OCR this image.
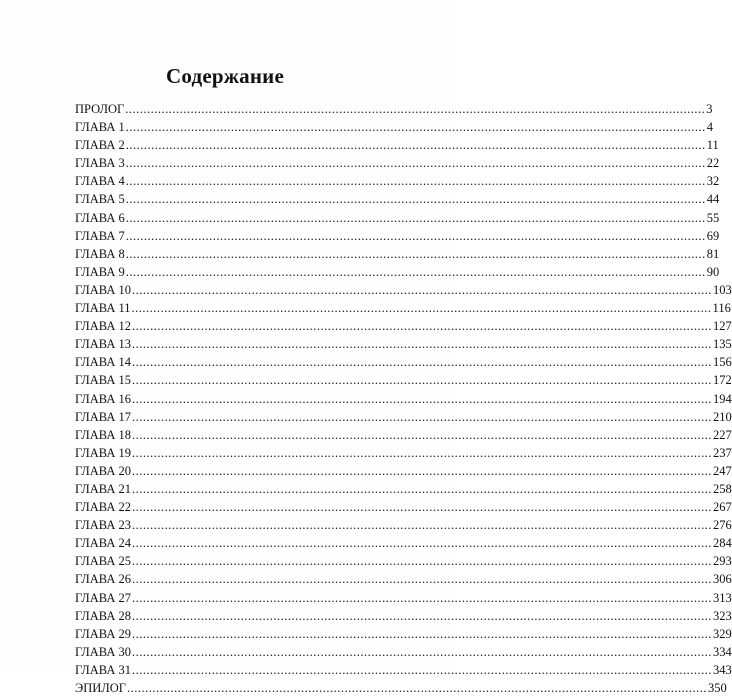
Содержание
ПРОЛОГ .....	3
ГЛАВА 1 .....	4
ГЛАВА 2 .....	11
ГЛАВА 3 .....	22
ГЛАВА 4 .....	32
ГЛАВА 5 .....	44
ГЛАВА 6 .....	55
ГЛАВА 7 .....	69
ГЛАВА 8 .....	81
ГЛАВА 9 .....	90
ГЛАВА 10 .....	103
ГЛАВА 11 .....	116
ГЛАВА 12 .....	127
ГЛАВА 13 .....	135
ГЛАВА 14 .....	156
ГЛАВА 15 .....	172
ГЛАВА 16 .....	194
ГЛАВА 17 .....	210
ГЛАВА 18 .....	227
ГЛАВА 19 .....	237
ГЛАВА 20 .....	247
ГЛАВА 21 .....	258
ГЛАВА 22 .....	267
ГЛАВА 23 .....	276
ГЛАВА 24 .....	284
ГЛАВА 25 .....	293
ГЛАВА 26 .....	306
ГЛАВА 27 .....	313
ГЛАВА 28 .....	323
ГЛАВА 29 .....	329
ГЛАВА 30 .....	334
ГЛАВА 31 .....	343
ЭПИЛОГ .....	350
